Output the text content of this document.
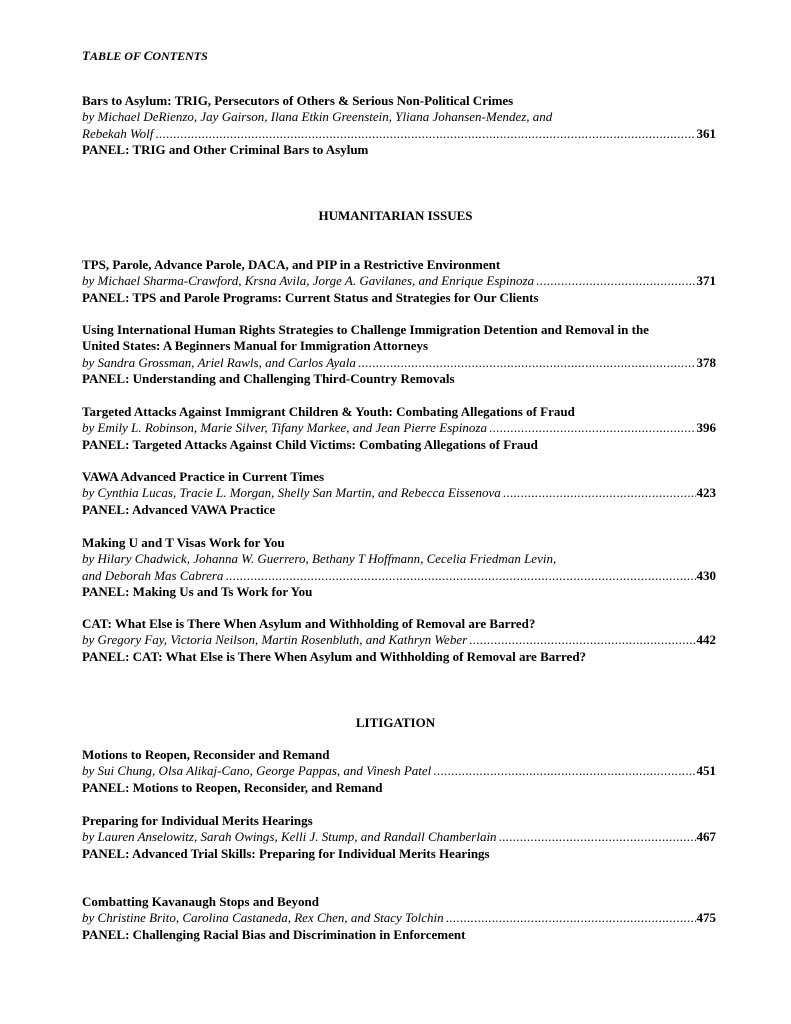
TABLE OF CONTENTS
Bars to Asylum: TRIG, Persecutors of Others & Serious Non-Political Crimes
by Michael DeRienzo, Jay Gairson, Ilana Etkin Greenstein, Yliana Johansen-Mendez, and
Rebekah Wolf .....	361
PANEL: TRIG and Other Criminal Bars to Asylum
HUMANITARIAN ISSUES
TPS, Parole, Advance Parole, DACA, and PIP in a Restrictive Environment
by Michael Sharma-Crawford, Krsna Avila, Jorge A. Gavilanes, and Enrique Espinoza .....	371
PANEL: TPS and Parole Programs: Current Status and Strategies for Our Clients
Using International Human Rights Strategies to Challenge Immigration Detention and Removal in the
United States: A Beginners Manual for Immigration Attorneys
by Sandra Grossman, Ariel Rawls, and Carlos Ayala .....	378
PANEL: Understanding and Challenging Third-Country Removals
Targeted Attacks Against Immigrant Children & Youth: Combating Allegations of Fraud
by Emily L. Robinson, Marie Silver, Tifany Markee, and Jean Pierre Espinoza .....	396
PANEL: Targeted Attacks Against Child Victims: Combating Allegations of Fraud
VAWA Advanced Practice in Current Times
by Cynthia Lucas, Tracie L. Morgan, Shelly San Martin, and Rebecca Eissenova .....	423
PANEL: Advanced VAWA Practice
Making U and T Visas Work for You
by Hilary Chadwick, Johanna W. Guerrero, Bethany T Hoffmann, Cecelia Friedman Levin,
and Deborah Mas Cabrera .....	430
PANEL: Making Us and Ts Work for You
CAT: What Else is There When Asylum and Withholding of Removal are Barred?
by Gregory Fay, Victoria Neilson, Martin Rosenbluth, and Kathryn Weber .....	442
PANEL: CAT: What Else is There When Asylum and Withholding of Removal are Barred?
LITIGATION
Motions to Reopen, Reconsider and Remand
by Sui Chung, Olsa Alikaj-Cano, George Pappas, and Vinesh Patel .....	451
PANEL: Motions to Reopen, Reconsider, and Remand
Preparing for Individual Merits Hearings
by Lauren Anselowitz, Sarah Owings, Kelli J. Stump, and Randall Chamberlain .....	467
PANEL: Advanced Trial Skills: Preparing for Individual Merits Hearings
Combatting Kavanaugh Stops and Beyond
by Christine Brito, Carolina Castaneda, Rex Chen, and Stacy Tolchin .....	475
PANEL: Challenging Racial Bias and Discrimination in Enforcement
